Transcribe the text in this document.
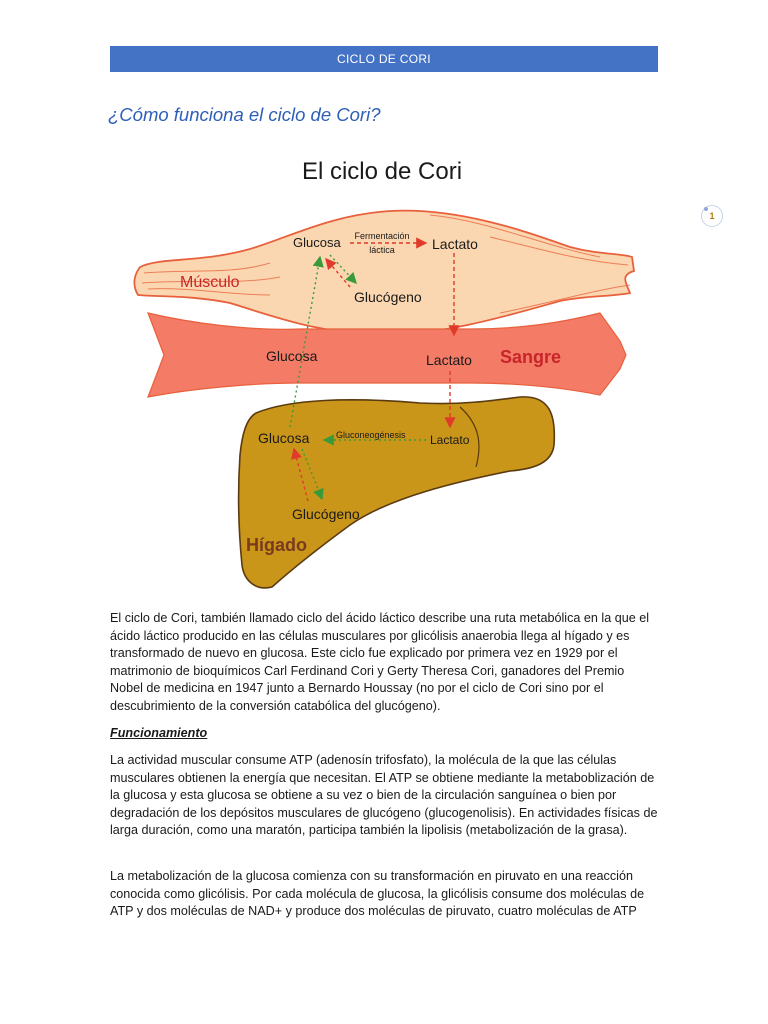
CICLO DE CORI
¿Cómo funciona el ciclo de Cori?
1
El ciclo de Cori
Glucosa Fermentación
láctica	Lactato
Glucógeno
Músculo
Glucosa	Lactato Sangre
Glucosa	Gluconeogénesis Lactato
Glucógeno
Hígado

El ciclo de Cori, también llamado ciclo del ácido láctico describe una ruta metabólica en la que el ácido láctico producido en las células musculares por glicólisis anaerobia llega al hígado y es transformado de nuevo en glucosa. Este ciclo fue explicado por primera vez en 1929 por el matrimonio de bioquímicos Carl Ferdinand Cori y Gerty Theresa Cori, ganadores del Premio Nobel de medicina en 1947 junto a Bernardo Houssay (no por el ciclo de Cori sino por el descubrimiento de la conversión catabólica del glucógeno).

Funcionamiento

La actividad muscular consume ATP (adenosín trifosfato), la molécula de la que las células musculares obtienen la energía que necesitan. El ATP se obtiene mediante la metaboblización de la glucosa y esta glucosa se obtiene a su vez o bien de la circulación sanguínea o bien por degradación de los depósitos musculares de glucógeno (glucogenolisis). En actividades físicas de larga duración, como una maratón, participa también la lipolisis (metabolización de la grasa).

La metabolización de la glucosa comienza con su transformación en piruvato en una reacción conocida como glicólisis. Por cada molécula de glucosa, la glicólisis consume dos moléculas de ATP y dos moléculas de NAD+ y produce dos moléculas de piruvato, cuatro moléculas de ATP
